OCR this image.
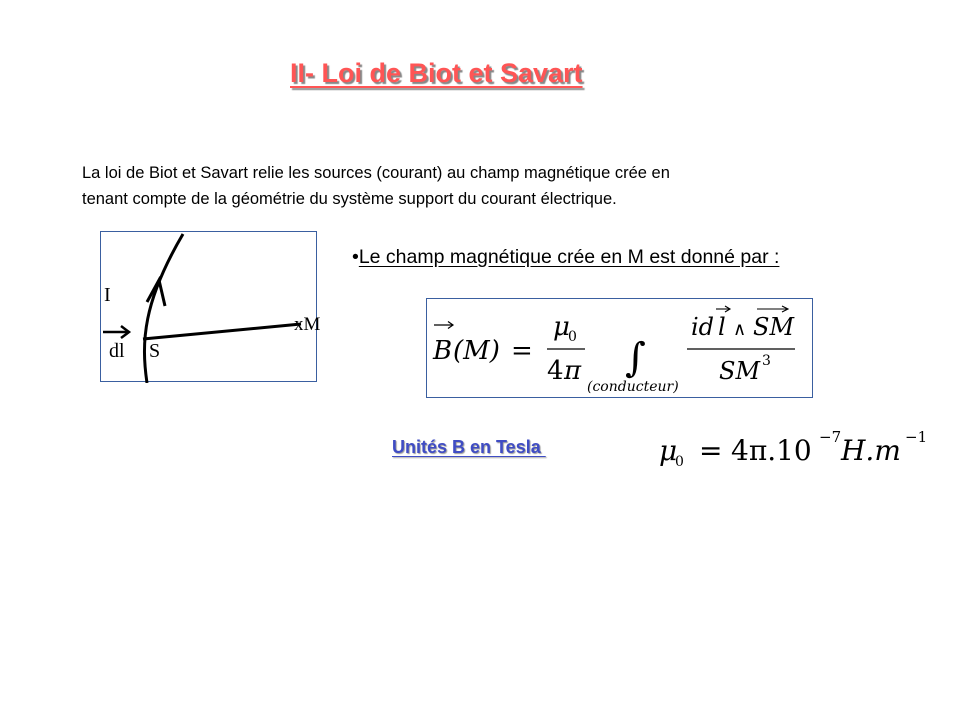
II- Loi de Biot et Savart
La loi de Biot et Savart relie les sources (courant) au champ magnétique crée en
tenant compte de la géométrie du système support du courant électrique.
I
xM
dl S
•Le champ magnétique crée en M est donné par :
B (M) =
μ
0
4 π ∫
(conducteur)
id l ∧ SM
SM 3
Unités B en Tesla	μ
0 = 4π.10 −7 H.m −1
